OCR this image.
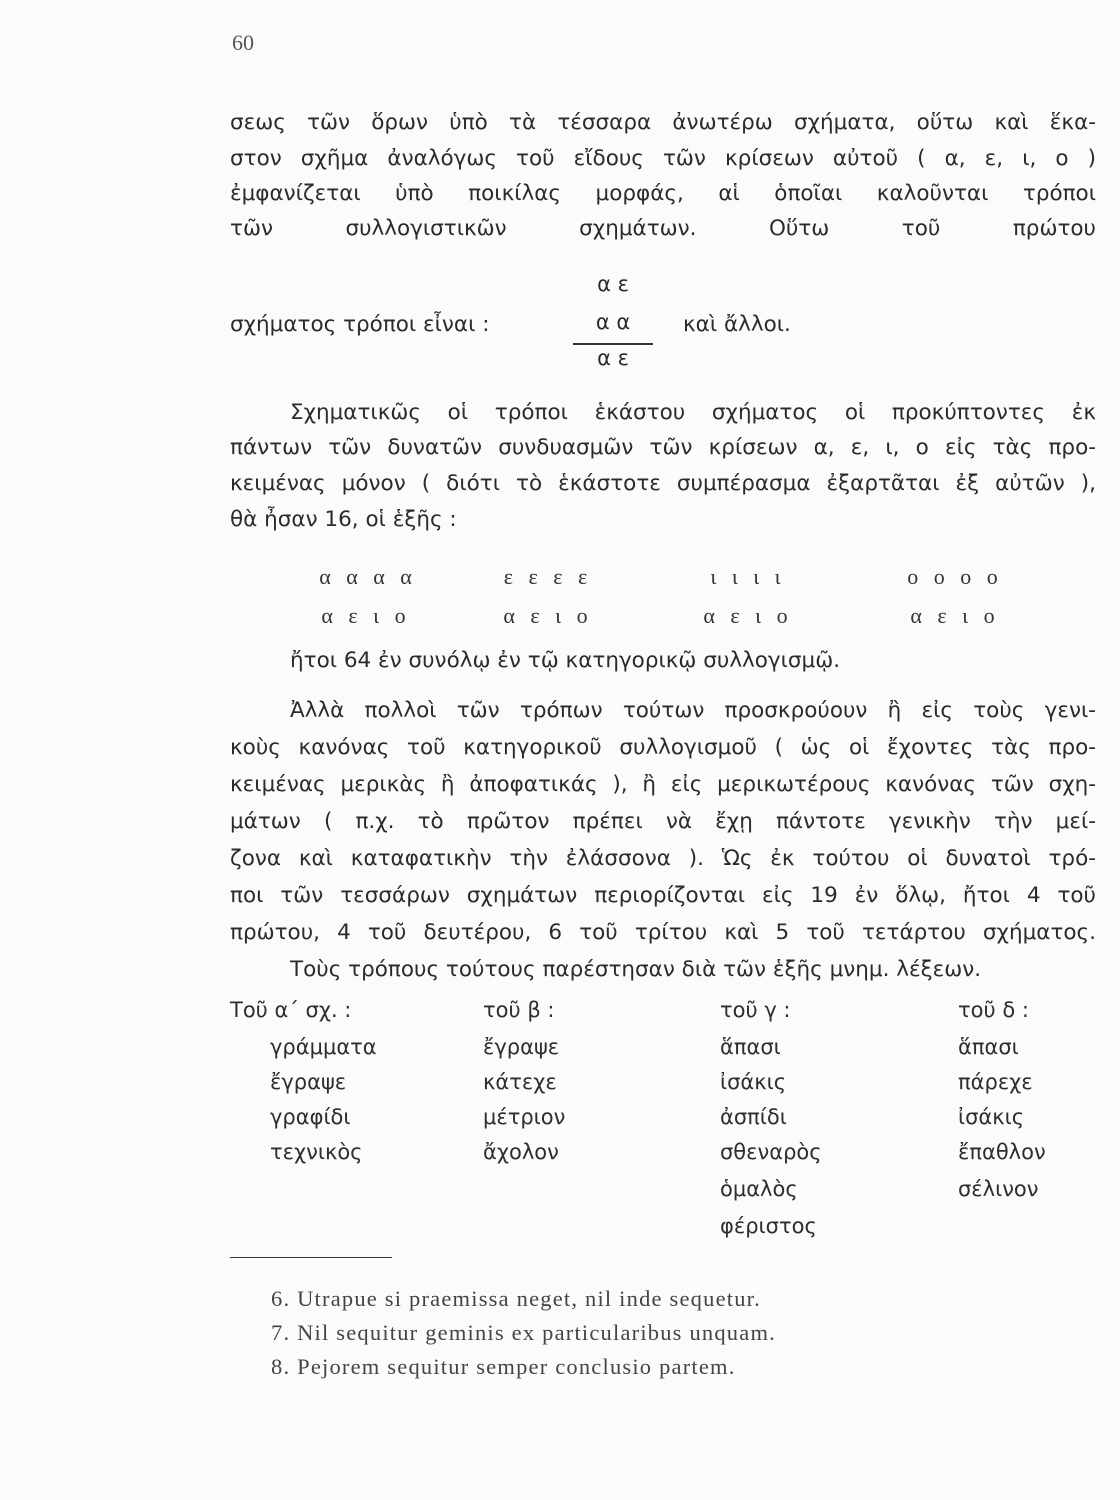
60
σεως τῶν ὅρων ὑπὸ τὰ τέσσαρα ἀνωτέρω σχήματα, οὕτω καὶ ἕκα-
στον σχῆμα ἀναλόγως τοῦ εἴδους τῶν κρίσεων αὐτοῦ ( α, ε, ι, ο )
ἐμφανίζεται ὑπὸ ποικίλας μορφάς, αἱ ὁποῖαι καλοῦνται τρόποι
τῶν συλλογιστικῶν σχημάτων. Οὕτω τοῦ πρώτου
σχήματος τρόποι εἶναι :
α ε
α α
α ε
καὶ ἄλλοι.
Σχηματικῶς οἱ τρόποι ἑκάστου σχήματος οἱ προκύπτοντες ἐκ
πάντων τῶν δυνατῶν συνδυασμῶν τῶν κρίσεων α, ε, ι, ο εἰς τὰς προ-
κειμένας μόνον ( διότι τὸ ἑκάστοτε συμπέρασμα ἐξαρτᾶται ἐξ αὐτῶν ),
θὰ ἦσαν 16, οἱ ἑξῆς :
α α α α
α ε ι ο
ε ε ε ε
α ε ι ο
ι ι ι ι
α ε ι ο
ο ο ο ο
α ε ι ο
ἤτοι 64 ἐν συνόλῳ ἐν τῷ κατηγορικῷ συλλογισμῷ.
Ἀλλὰ πολλοὶ τῶν τρόπων τούτων προσκρούουν ἢ εἰς τοὺς γενι-
κοὺς κανόνας τοῦ κατηγορικοῦ συλλογισμοῦ ( ὡς οἱ ἔχοντες τὰς προ-
κειμένας μερικὰς ἢ ἀποφατικάς ), ἢ εἰς μερικωτέρους κανόνας τῶν σχη-
μάτων ( π.χ. τὸ πρῶτον πρέπει νὰ ἔχῃ πάντοτε γενικὴν τὴν μεί-
ζονα καὶ καταφατικὴν τὴν ἐλάσσονα ). Ὡς ἐκ τούτου οἱ δυνατοὶ τρό-
ποι τῶν τεσσάρων σχημάτων περιορίζονται εἰς 19 ἐν ὅλῳ, ἤτοι 4 τοῦ
πρώτου, 4 τοῦ δευτέρου, 6 τοῦ τρίτου καὶ 5 τοῦ τετάρτου σχήματος.
Τοὺς τρόπους τούτους παρέστησαν διὰ τῶν ἑξῆς μνημ. λέξεων.
Τοῦ α΄ σχ. :
γράμματα
ἔγραψε
γραφίδι
τεχνικὸς
τοῦ β :
ἔγραψε
κάτεχε
μέτριον
ἄχολον
τοῦ γ :
ἅπασι
ἰσάκις
ἀσπίδι
σθεναρὸς
ὁμαλὸς
φέριστος
τοῦ δ :
ἅπασι
πάρεχε
ἰσάκις
ἔπαθλον
σέλινον
6. Utrapue si praemissa neget, nil inde sequetur.
7. Nil sequitur geminis ex particularibus unquam.
8. Pejorem sequitur semper conclusio partem.
